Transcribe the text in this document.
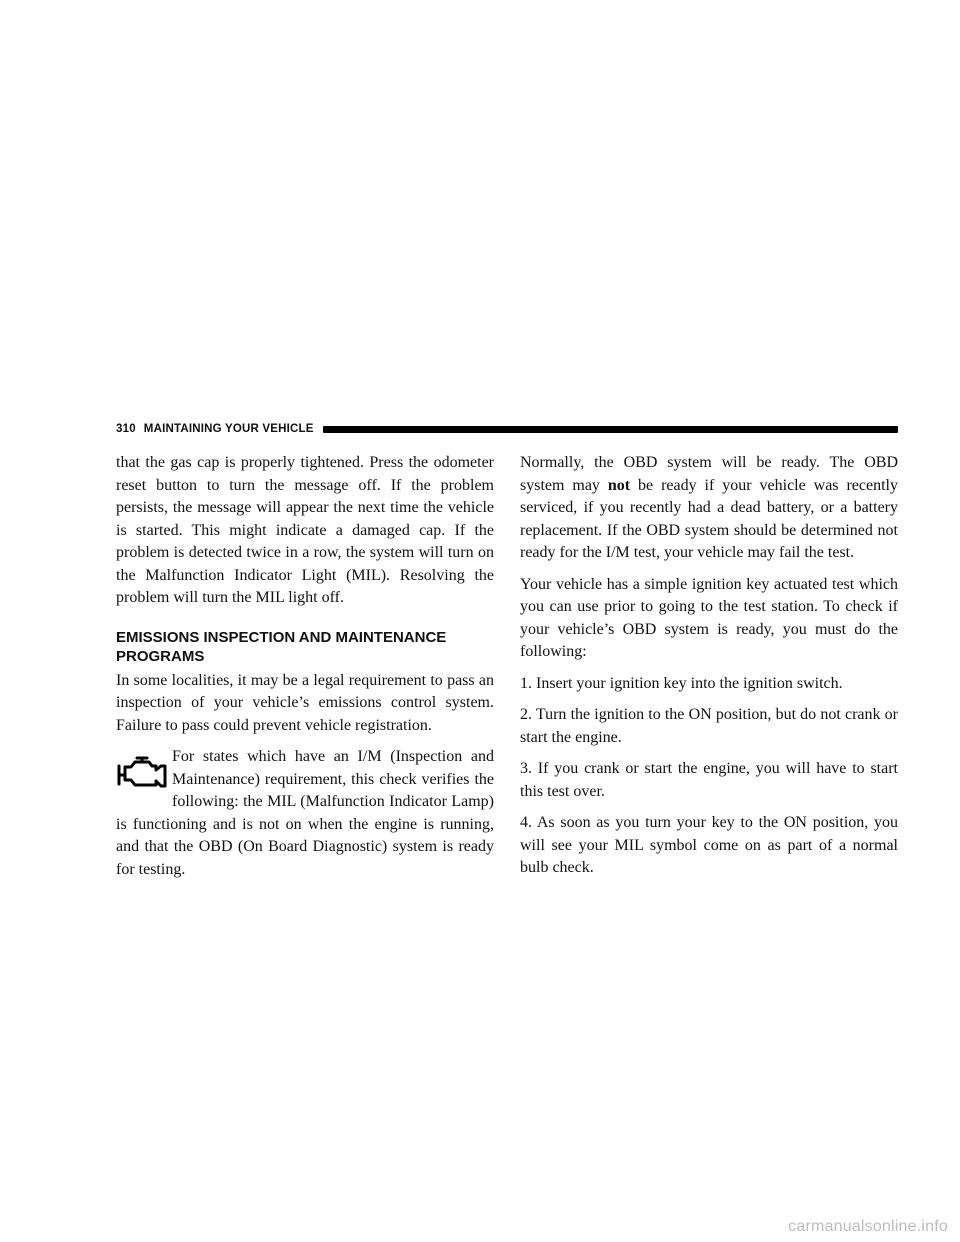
310 MAINTAINING YOUR VEHICLE

that the gas cap is properly tightened. Press the odometer reset button to turn the message off. If the problem persists, the message will appear the next time the vehicle is started. This might indicate a damaged cap. If the problem is detected twice in a row, the system will turn on the Malfunction Indicator Light (MIL). Resolving the problem will turn the MIL light off.

EMISSIONS INSPECTION AND MAINTENANCE
PROGRAMS

In some localities, it may be a legal requirement to pass an inspection of your vehicle’s emissions control system. Failure to pass could prevent vehicle registration.

For states which have an I/M (Inspection and Maintenance) requirement, this check verifies the following: the MIL (Malfunction Indicator Lamp) is functioning and is not on when the engine is running, and that the OBD (On Board Diagnostic) system is ready for testing.

Normally, the OBD system will be ready. The OBD system may not be ready if your vehicle was recently serviced, if you recently had a dead battery, or a battery replacement. If the OBD system should be determined not ready for the I/M test, your vehicle may fail the test.

Your vehicle has a simple ignition key actuated test which you can use prior to going to the test station. To check if your vehicle’s OBD system is ready, you must do the following:

1. Insert your ignition key into the ignition switch.

2. Turn the ignition to the ON position, but do not crank or start the engine.

3. If you crank or start the engine, you will have to start this test over.

4. As soon as you turn your key to the ON position, you will see your MIL symbol come on as part of a normal bulb check.

carmanualsonline.info
